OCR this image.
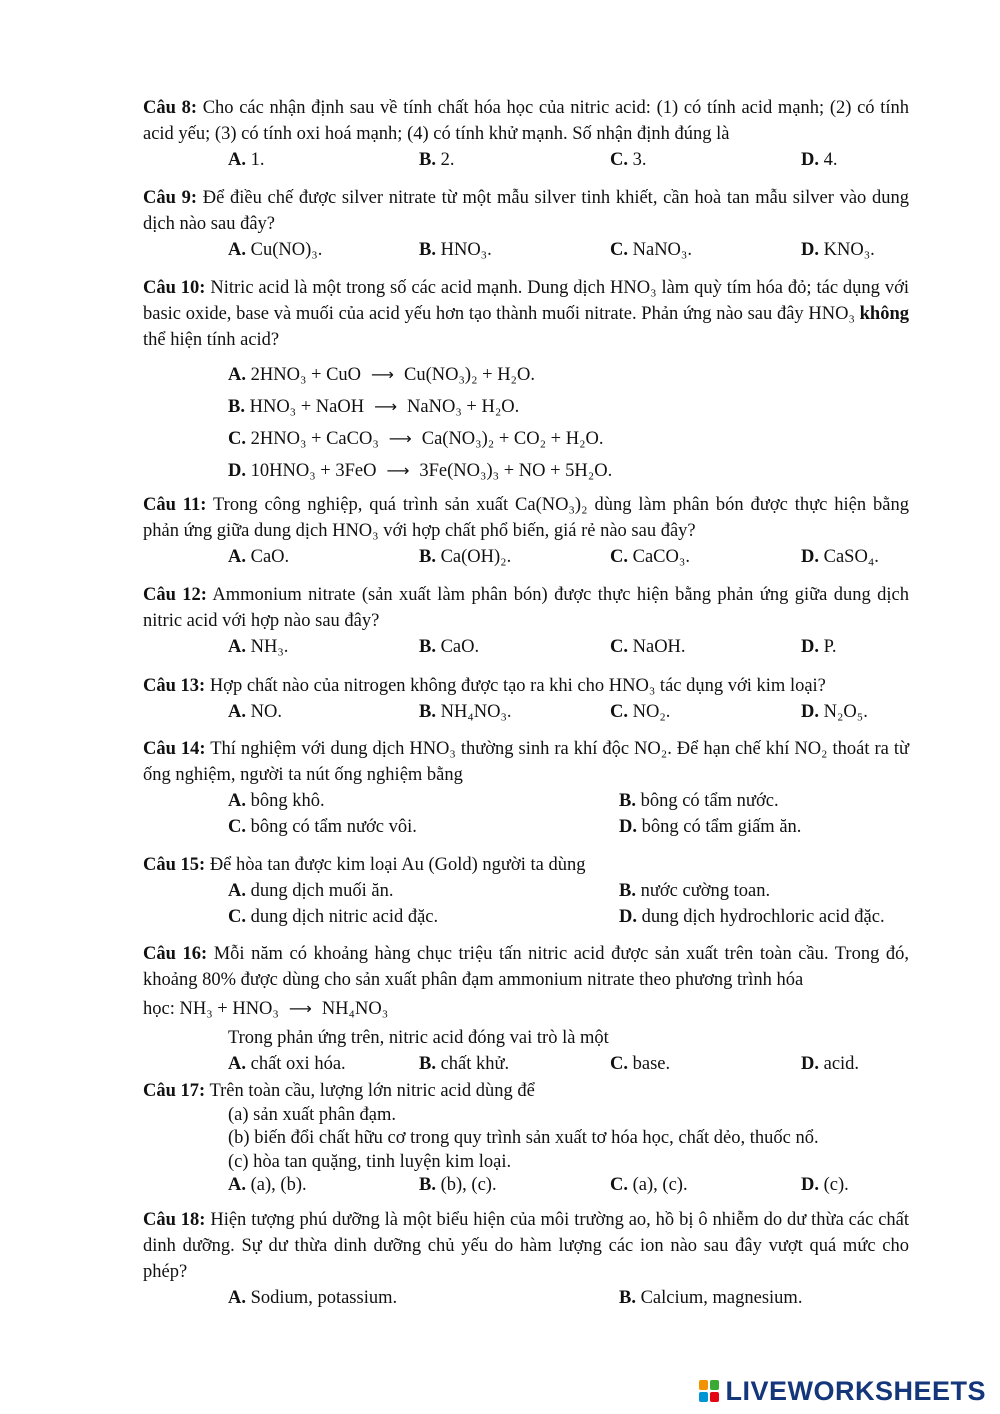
Câu 8: Cho các nhận định sau về tính chất hóa học của nitric acid: (1) có tính acid mạnh; (2) có tính acid yếu; (3) có tính oxi hoá mạnh; (4) có tính khử mạnh. Số nhận định đúng là

A. 1.	B. 2.	C. 3.	D. 4.

Câu 9: Để điều chế được silver nitrate từ một mẫu silver tinh khiết, cần hoà tan mẫu silver vào dung dịch nào sau đây?

A. Cu(NO)₃.	B. HNO₃.	C. NaNO₃.	D. KNO₃.

Câu 10: Nitric acid là một trong số các acid mạnh. Dung dịch HNO₃ làm quỳ tím hóa đỏ; tác dụng với basic oxide, base và muối của acid yếu hơn tạo thành muối nitrate. Phản ứng nào sau đây HNO₃ không thể hiện tính acid?

A.
2HNO₃ + CuO ⟶ Cu(NO₃)₂ + H₂O.
B.
HNO₃ + NaOH ⟶ NaNO₃ + H₂O.
C.
2HNO₃ + CaCO₃ ⟶ Ca(NO₃)₂ + CO₂ + H₂O.
D.
10HNO₃ + 3FeO ⟶ 3Fe(NO₃)₃ + NO + 5H₂O.

Câu 11: Trong công nghiệp, quá trình sản xuất Ca(NO₃)₂ dùng làm phân bón được thực hiện bằng phản ứng giữa dung dịch HNO₃ với hợp chất phổ biến, giá rẻ nào sau đây?

A. CaO.	B. Ca(OH)₂.	C. CaCO₃.	D. CaSO₄.

Câu 12: Ammonium nitrate (sản xuất làm phân bón) được thực hiện bằng phản ứng giữa dung dịch nitric acid với hợp nào sau đây?

A. NH₃.	B. CaO.	C. NaOH.	D. P.

Câu 13: Hợp chất nào của nitrogen không được tạo ra khi cho HNO₃ tác dụng với kim loại?

A. NO.	B. NH₄NO₃.	C. NO₂.	D. N₂O₅.

Câu 14: Thí nghiệm với dung dịch HNO₃ thường sinh ra khí độc NO₂. Để hạn chế khí NO₂ thoát ra từ ống nghiệm, người ta nút ống nghiệm bằng

A. bông khô.	B. bông có tẩm nước.
C. bông có tẩm nước vôi.	D. bông có tẩm giấm ăn.

Câu 15: Để hòa tan được kim loại Au (Gold) người ta dùng

A. dung dịch muối ăn.	B. nước cường toan.
C. dung dịch nitric acid đặc.	D. dung dịch hydrochloric acid đặc.

Câu 16: Mỗi năm có khoảng hàng chục triệu tấn nitric acid được sản xuất trên toàn cầu. Trong đó, khoảng 80% được dùng cho sản xuất phân đạm ammonium nitrate theo phương trình hóa

học:
NH₃ + HNO₃ ⟶ NH₄NO₃
Trong phản ứng trên, nitric acid đóng vai trò là một
A. chất oxi hóa.	B. chất khử.	C. base.	D. acid.

Câu 17: Trên toàn cầu, lượng lớn nitric acid dùng để

(a) sản xuất phân đạm.
(b) biến đổi chất hữu cơ trong quy trình sản xuất tơ hóa học, chất dẻo, thuốc nổ.
(c) hòa tan quặng, tinh luyện kim loại.
A. (a), (b).	B. (b), (c).	C. (a), (c).	D. (c).

Câu 18: Hiện tượng phú dưỡng là một biểu hiện của môi trường ao, hồ bị ô nhiễm do dư thừa các chất dinh dưỡng. Sự dư thừa dinh dưỡng chủ yếu do hàm lượng các ion nào sau đây vượt quá mức cho phép?

A. Sodium, potassium.	B. Calcium, magnesium.
LIVEWORKSHEETS
